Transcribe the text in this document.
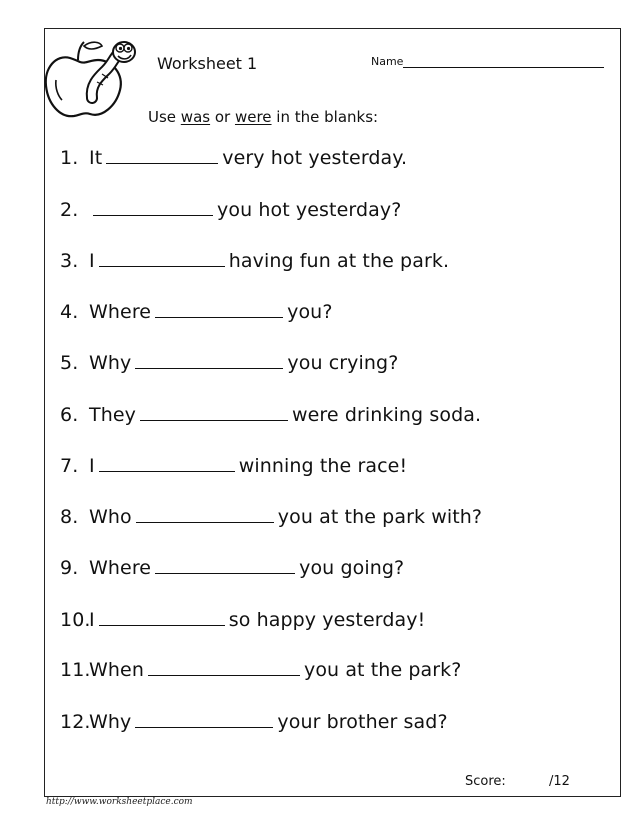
Worksheet 1	Name
Use was or were in the blanks:
1. It	very hot yesterday.
2.	you hot yesterday?
3. I	having fun at the park.
4. Where	you?
5. Why	you crying?
6. They	were drinking soda.
7. I	winning the race!
8. Who	you at the park with?
9. Where	you going?
10.I	so happy yesterday!
11.When	you at the park?
12.Why	your brother sad?
Score:	/12
http://www.worksheetplace.com
